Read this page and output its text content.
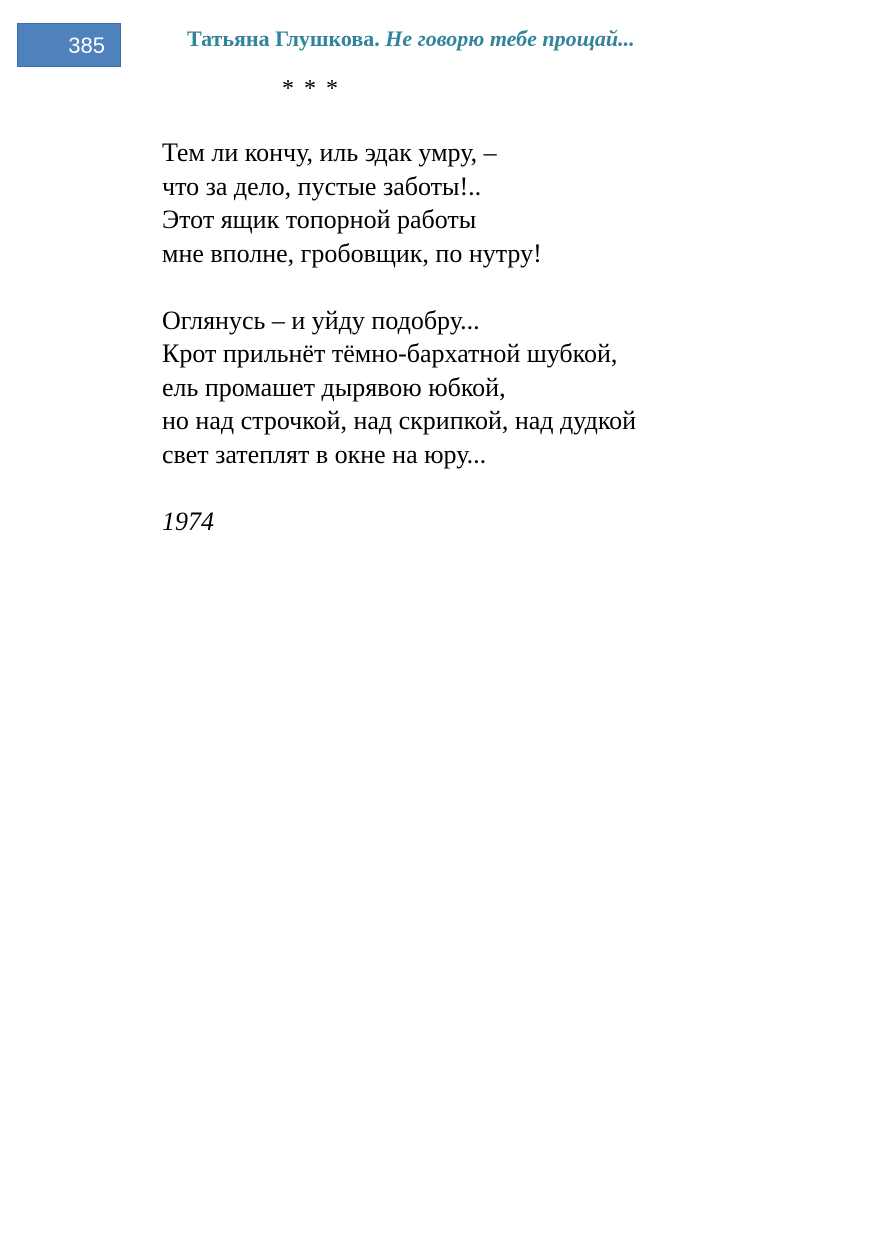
385	Татьяна Глушкова. Не говорю тебе прощай...
* * *
Тем ли кончу, иль эдак умру, –
что за дело, пустые заботы!..
Этот ящик топорной работы
мне вполне, гробовщик, по нутру!
Оглянусь – и уйду подобру...
Крот прильнёт тёмно-бархатной шубкой,
ель промашет дырявою юбкой,
но над строчкой, над скрипкой, над дудкой
свет затеплят в окне на юру...
1974
